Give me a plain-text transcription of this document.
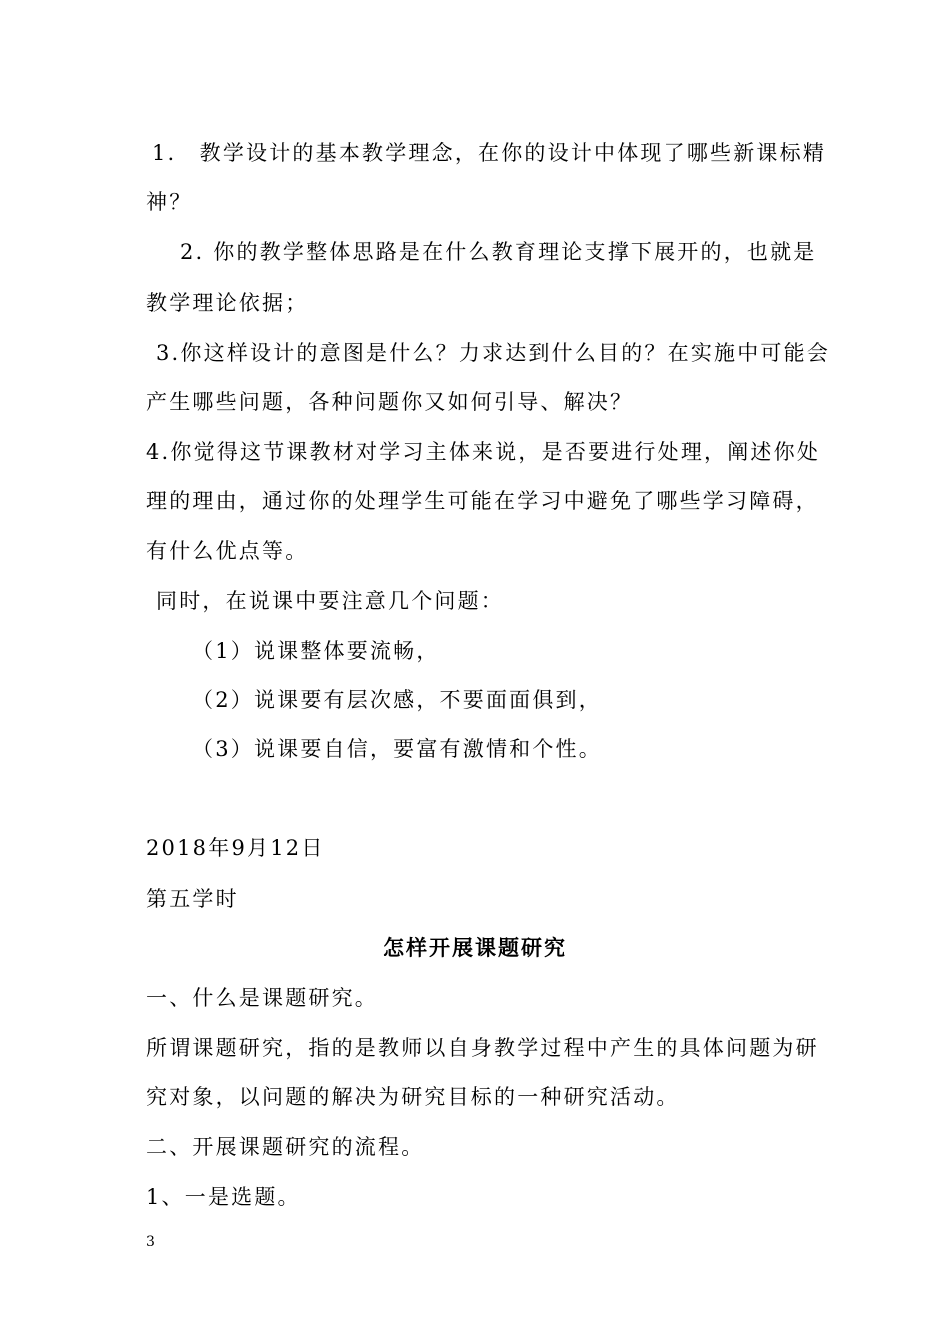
1.　教学设计的基本教学理念，在你的设计中体现了哪些新课标精
神？
2. 你的教学整体思路是在什么教育理论支撑下展开的，也就是
教学理论依据；
3.你这样设计的意图是什么？力求达到什么目的？在实施中可能会
产生哪些问题，各种问题你又如何引导、解决？
4.你觉得这节课教材对学习主体来说，是否要进行处理，阐述你处
理的理由，通过你的处理学生可能在学习中避免了哪些学习障碍，
有什么优点等。
同时，在说课中要注意几个问题：
（1）说课整体要流畅，
（2）说课要有层次感，不要面面俱到，
（3）说课要自信，要富有激情和个性。
2018年9月12日
第五学时
怎样开展课题研究
一、什么是课题研究。
所谓课题研究，指的是教师以自身教学过程中产生的具体问题为研
究对象，以问题的解决为研究目标的一种研究活动。
二、开展课题研究的流程。
1、一是选题。
3
